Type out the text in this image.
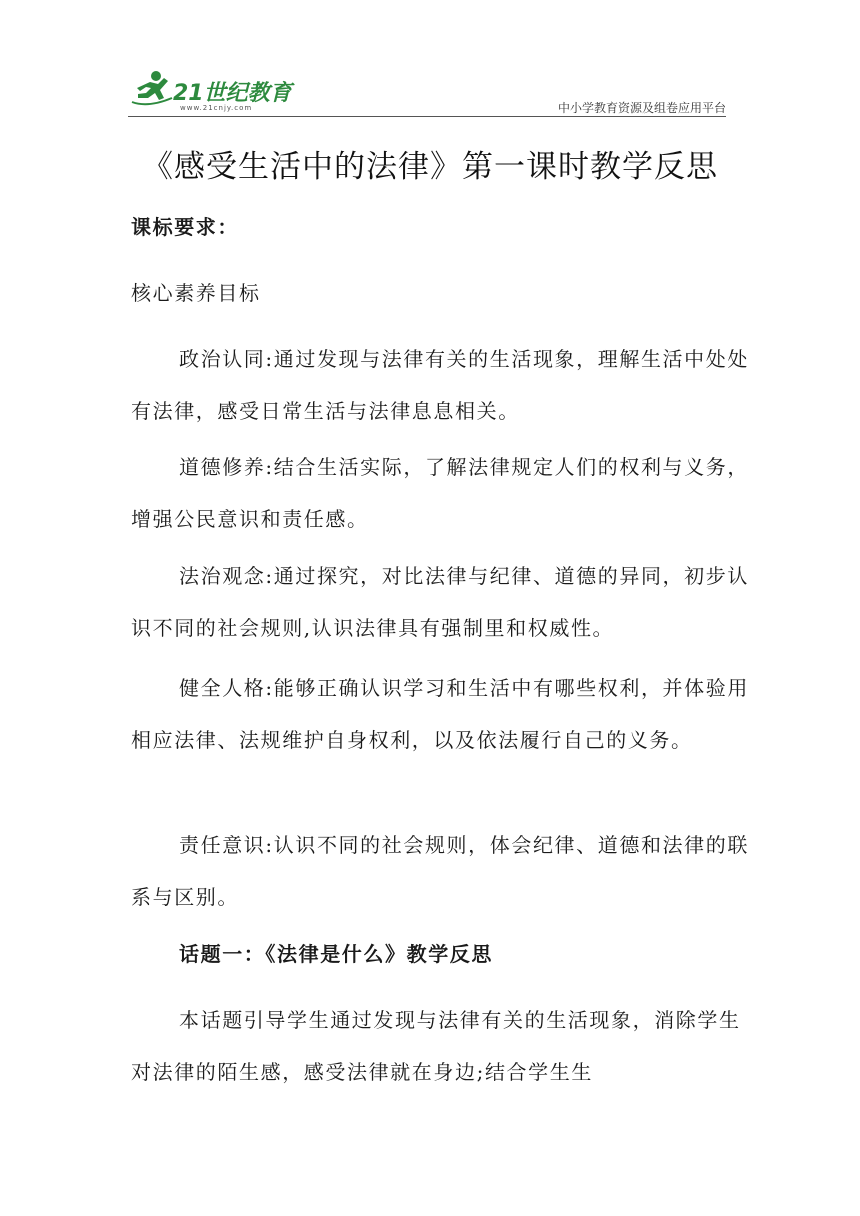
21世纪教育
www.21cnjy.com	中小学教育资源及组卷应用平台
《感受生活中的法律》第一课时教学反思
课标要求：
核心素养目标
政治认同:通过发现与法律有关的生活现象，理解生活中处处有法律，感受日常生活与法律息息相关。
道德修养:结合生活实际，了解法律规定人们的权利与义务，增强公民意识和责任感。
法治观念:通过探究，对比法律与纪律、道德的异同，初步认识不同的社会规则,认识法律具有强制里和权威性。
健全人格:能够正确认识学习和生活中有哪些权利，并体验用相应法律、法规维护自身权利，以及依法履行自己的义务。
责任意识:认识不同的社会规则，体会纪律、道德和法律的联系与区别。
话题一：《法律是什么》教学反思
本话题引导学生通过发现与法律有关的生活现象，消除学生对法律的陌生感，感受法律就在身边;结合学生生
